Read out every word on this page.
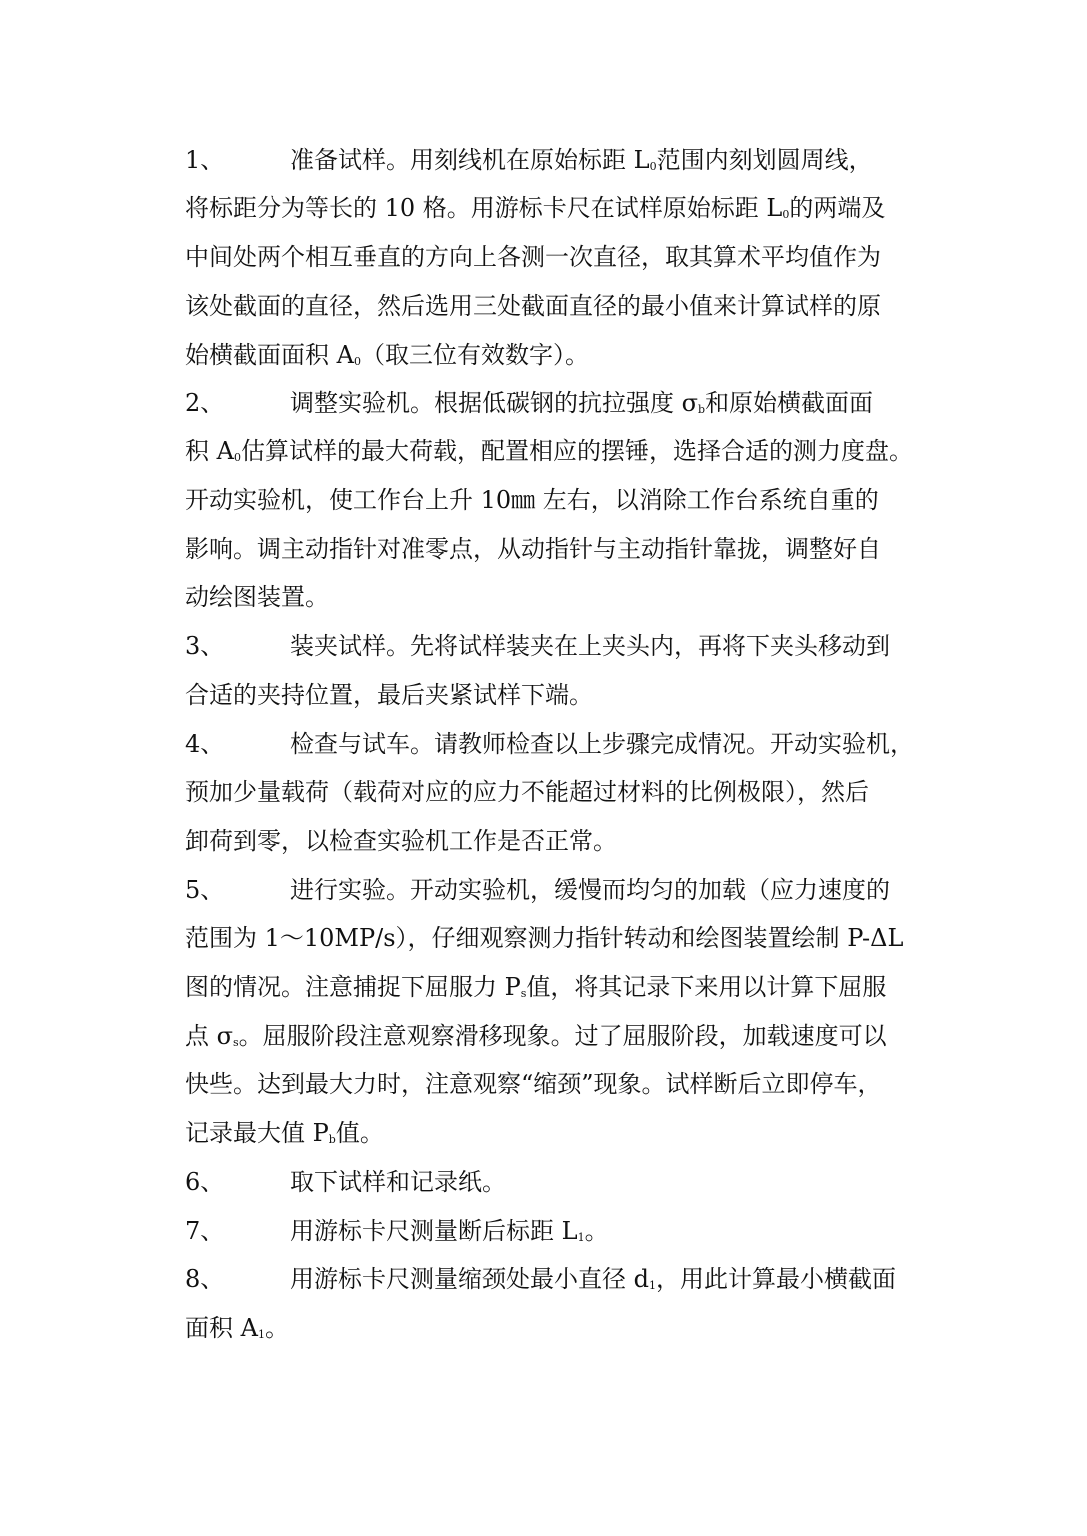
1、	准备试样。用刻线机在原始标距 L0范围内刻划圆周线，
将标距分为等长的 10 格。用游标卡尺在试样原始标距 L0的两端及
中间处两个相互垂直的方向上各测一次直径，取其算术平均值作为
该处截面的直径，然后选用三处截面直径的最小值来计算试样的原
始横截面面积 A0（取三位有效数字）。
2、	调整实验机。根据低碳钢的抗拉强度 σb和原始横截面面
积 A0估算试样的最大荷载，配置相应的摆锤，选择合适的测力度盘。
开动实验机，使工作台上升 10㎜ 左右，以消除工作台系统自重的
影响。调主动指针对准零点，从动指针与主动指针靠拢，调整好自
动绘图装置。
3、	装夹试样。先将试样装夹在上夹头内，再将下夹头移动到
合适的夹持位置，最后夹紧试样下端。
4、	检查与试车。请教师检查以上步骤完成情况。开动实验机，
预加少量载荷（载荷对应的应力不能超过材料的比例极限），然后
卸荷到零，以检查实验机工作是否正常。
5、	进行实验。开动实验机，缓慢而均匀的加载（应力速度的
范围为 1～10MP/s），仔细观察测力指针转动和绘图装置绘制 P-ΔL
图的情况。注意捕捉下屈服力 Ps值，将其记录下来用以计算下屈服
点 σs。屈服阶段注意观察滑移现象。过了屈服阶段，加载速度可以
快些。达到最大力时，注意观察“缩颈”现象。试样断后立即停车，
记录最大值 Pb值。
6、	取下试样和记录纸。
7、	用游标卡尺测量断后标距 L1。
8、	用游标卡尺测量缩颈处最小直径 d1，用此计算最小横截面
面积 A1。
